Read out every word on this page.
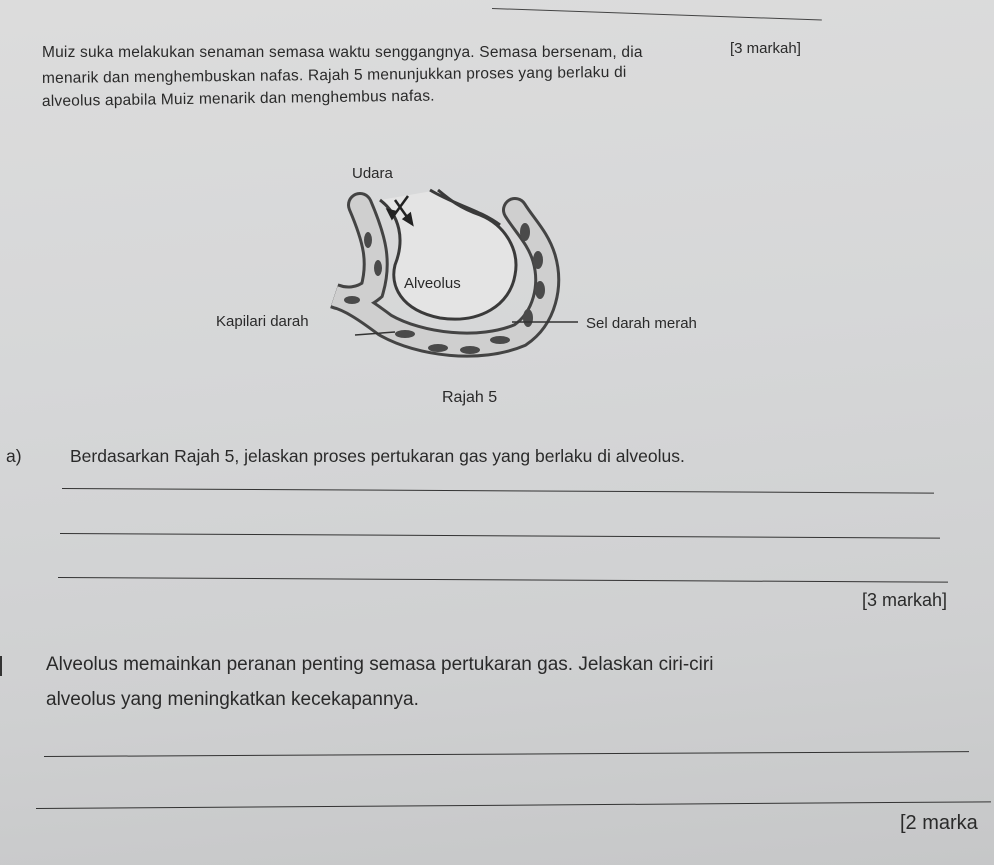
[3 markah]
Muiz suka melakukan senaman semasa waktu senggangnya. Semasa bersenam, dia
menarik dan menghembuskan nafas. Rajah 5 menunjukkan proses yang berlaku di
alveolus apabila Muiz menarik dan menghembus nafas.
Udara
Alveolus
Kapilari darah	Sel darah merah
Rajah 5
a)	Berdasarkan Rajah 5, jelaskan proses pertukaran gas yang berlaku di alveolus.
[3 markah]
Alveolus memainkan peranan penting semasa pertukaran gas. Jelaskan ciri-ciri
alveolus yang meningkatkan kecekapannya.
[2 marka
